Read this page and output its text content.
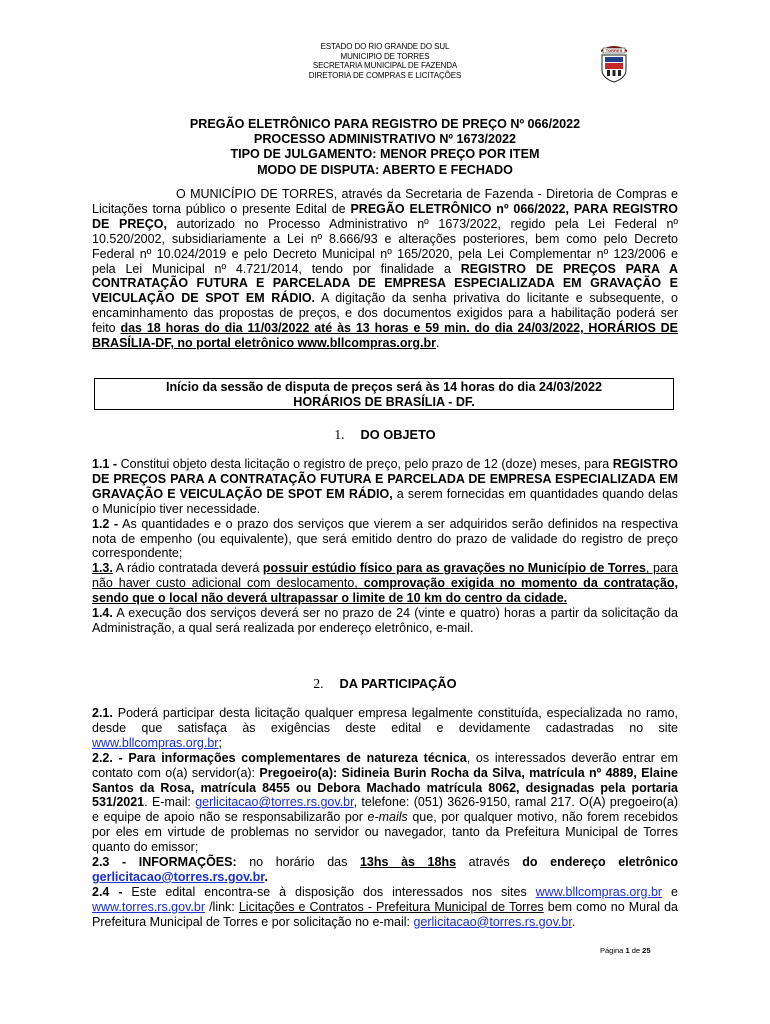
ESTADO DO RIO GRANDE DO SUL
MUNICIPIO DE TORRES
SECRETARIA MUNICIPAL DE FAZENDA
DIRETORIA DE COMPRAS E LICITAÇÕES
TORRES
PREGÃO ELETRÔNICO PARA REGISTRO DE PREÇO Nº 066/2022
PROCESSO ADMINISTRATIVO Nº 1673/2022
TIPO DE JULGAMENTO: MENOR PREÇO POR ITEM
MODO DE DISPUTA: ABERTO E FECHADO

O MUNICÍPIO DE TORRES, através da Secretaria de Fazenda - Diretoria de Compras e Licitações torna público o presente Edital de PREGÃO ELETRÔNICO nº 066/2022, PARA REGISTRO DE PREÇO, autorizado no Processo Administrativo nº 1673/2022, regido pela Lei Federal nº 10.520/2002, subsidiariamente a Lei nº 8.666/93 e alterações posteriores, bem como pelo Decreto Federal nº 10.024/2019 e pelo Decreto Municipal nº 165/2020, pela Lei Complementar nº 123/2006 e pela Lei Municipal nº 4.721/2014, tendo por finalidade a REGISTRO DE PREÇOS PARA A CONTRATAÇÃO FUTURA E PARCELADA DE EMPRESA ESPECIALIZADA EM GRAVAÇÃO E VEICULAÇÃO DE SPOT EM RÁDIO. A digitação da senha privativa do licitante e subsequente, o encaminhamento das propostas de preços, e dos documentos exigidos para a habilitação poderá ser feito das 18 horas do dia 11/03/2022 até às 13 horas e 59 min. do dia 24/03/2022, HORÁRIOS DE BRASÍLIA-DF, no portal eletrônico www.bllcompras.org.br.

Início da sessão de disputa de preços será às 14 horas do dia 24/03/2022
HORÁRIOS DE BRASÍLIA - DF.
1. DO OBJETO

1.1 - Constitui objeto desta licitação o registro de preço, pelo prazo de 12 (doze) meses, para REGISTRO DE PREÇOS PARA A CONTRATAÇÃO FUTURA E PARCELADA DE EMPRESA ESPECIALIZADA EM GRAVAÇÃO E VEICULAÇÃO DE SPOT EM RÁDIO, a serem fornecidas em quantidades quando delas o Município tiver necessidade.

1.2 - As quantidades e o prazo dos serviços que vierem a ser adquiridos serão definidos na respectiva nota de empenho (ou equivalente), que será emitido dentro do prazo de validade do registro de preço correspondente;

1.3. A rádio contratada deverá possuir estúdio físico para as gravações no Município de Torres, para não haver custo adicional com deslocamento, comprovação exigida no momento da contratação, sendo que o local não deverá ultrapassar o limite de 10 km do centro da cidade.

1.4. A execução dos serviços deverá ser no prazo de 24 (vinte e quatro) horas a partir da solicitação da Administração, a qual será realizada por endereço eletrônico, e-mail.

2. DA PARTICIPAÇÃO

2.1. Poderá participar desta licitação qualquer empresa legalmente constituída, especializada no ramo, desde que satisfaça às exigências deste edital e devidamente cadastradas no site www.bllcompras.org.br;

2.2. - Para informações complementares de natureza técnica, os interessados deverão entrar em contato com o(a) servidor(a): Pregoeiro(a): Sidineia Burin Rocha da Silva, matrícula nº 4889, Elaine Santos da Rosa, matrícula 8455 ou Debora Machado matrícula 8062, designadas pela portaria 531/2021. E-mail: gerlicitacao@torres.rs.gov.br, telefone: (051) 3626-9150, ramal 217. O(A) pregoeiro(a) e equipe de apoio não se responsabilizarão por e-mails que, por qualquer motivo, não forem recebidos por eles em virtude de problemas no servidor ou navegador, tanto da Prefeitura Municipal de Torres quanto do emissor;

2.3 - INFORMAÇÕES: no horário das 13hs às 18hs através do endereço eletrônico gerlicitacao@torres.rs.gov.br.

2.4 - Este edital encontra-se à disposição dos interessados nos sites www.bllcompras.org.br e www.torres.rs.gov.br /link: Licitações e Contratos - Prefeitura Municipal de Torres bem como no Mural da Prefeitura Municipal de Torres e por solicitação no e-mail: gerlicitacao@torres.rs.gov.br.

Página 1 de 25
